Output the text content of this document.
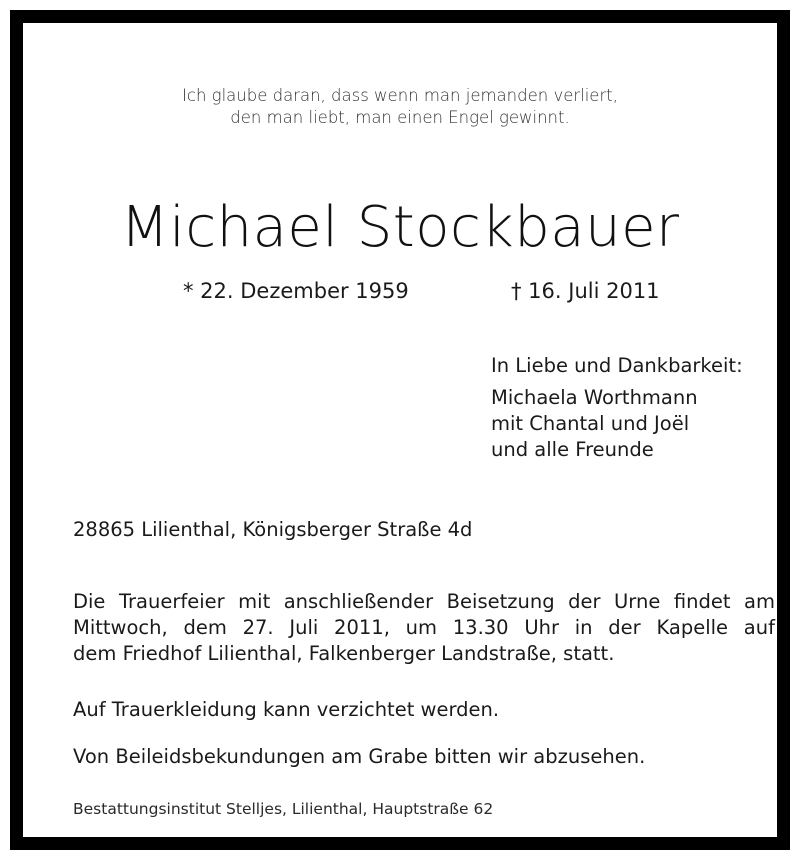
Ich glaube daran, dass wenn man jemanden verliert,
den man liebt, man einen Engel gewinnt.

Michael Stockbauer

* 22. Dezember 1959	† 16. Juli 2011

In Liebe und Dankbarkeit:
Michaela Worthmann
mit Chantal und Joël
und alle Freunde

28865 Lilienthal, Königsberger Straße 4d

Die Trauerfeier mit anschließender Beisetzung der Urne findet am
Mittwoch, dem 27. Juli 2011, um 13.30 Uhr in der Kapelle auf
dem Friedhof Lilienthal, Falkenberger Landstraße, statt.

Auf Trauerkleidung kann verzichtet werden.

Von Beileidsbekundungen am Grabe bitten wir abzusehen.

Bestattungsinstitut Stelljes, Lilienthal, Hauptstraße 62
